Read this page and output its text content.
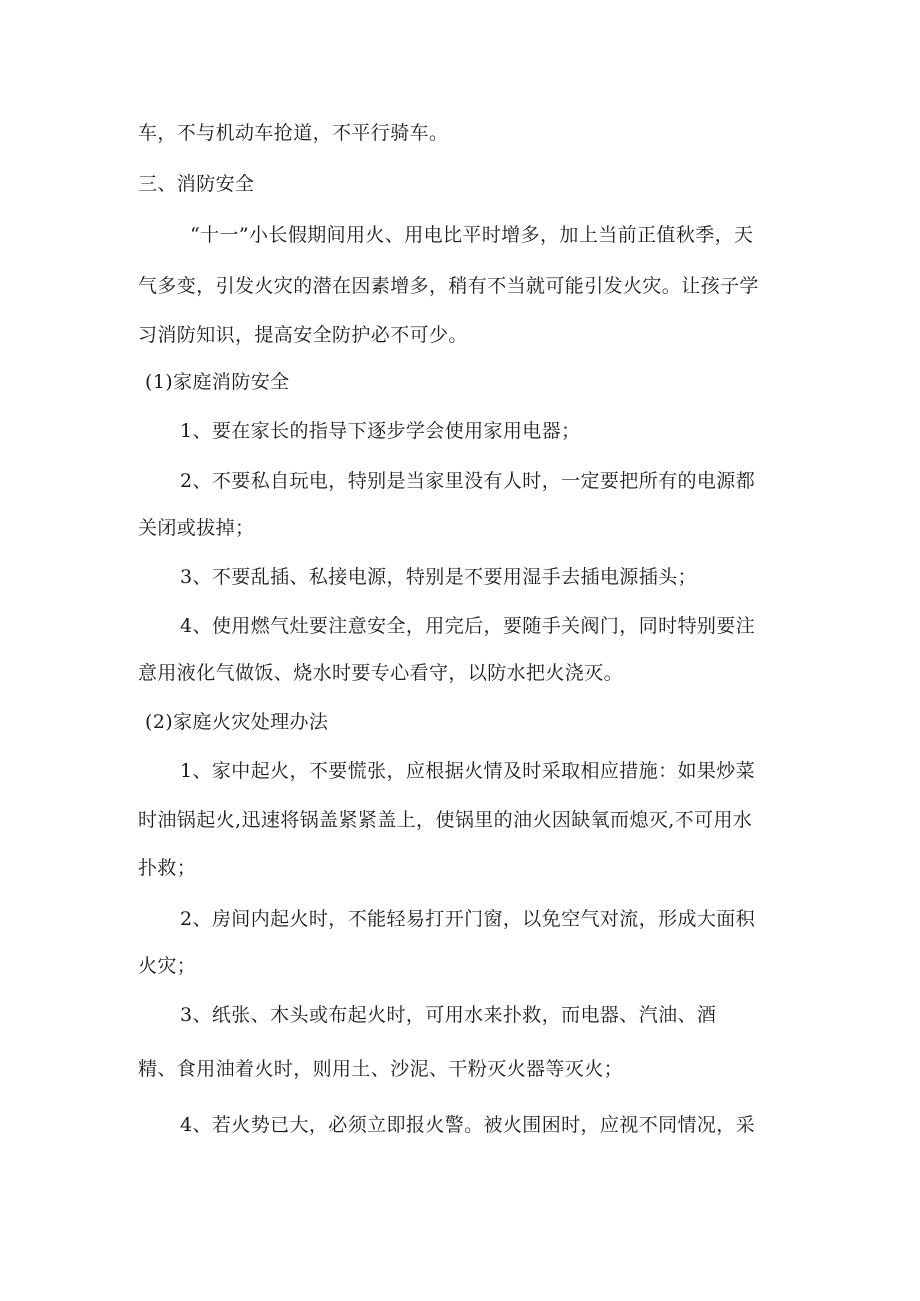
车，不与机动车抢道，不平行骑车。
三、消防安全
“十一”小长假期间用火、用电比平时增多，加上当前正值秋季，天
气多变，引发火灾的潜在因素增多，稍有不当就可能引发火灾。让孩子学
习消防知识，提高安全防护必不可少。
(1)家庭消防安全
1、要在家长的指导下逐步学会使用家用电器；
2、不要私自玩电，特别是当家里没有人时，一定要把所有的电源都
关闭或拔掉；
3、不要乱插、私接电源，特别是不要用湿手去插电源插头；
4、使用燃气灶要注意安全，用完后，要随手关阀门，同时特别要注
意用液化气做饭、烧水时要专心看守，以防水把火浇灭。
(2)家庭火灾处理办法
1、家中起火，不要慌张，应根据火情及时采取相应措施：如果炒菜
时油锅起火,迅速将锅盖紧紧盖上，使锅里的油火因缺氧而熄灭,不可用水
扑救；
2、房间内起火时，不能轻易打开门窗，以免空气对流，形成大面积
火灾；
3、纸张、木头或布起火时，可用水来扑救，而电器、汽油、酒
精、食用油着火时，则用土、沙泥、干粉灭火器等灭火；
4、若火势已大，必须立即报火警。被火围困时，应视不同情况，采
